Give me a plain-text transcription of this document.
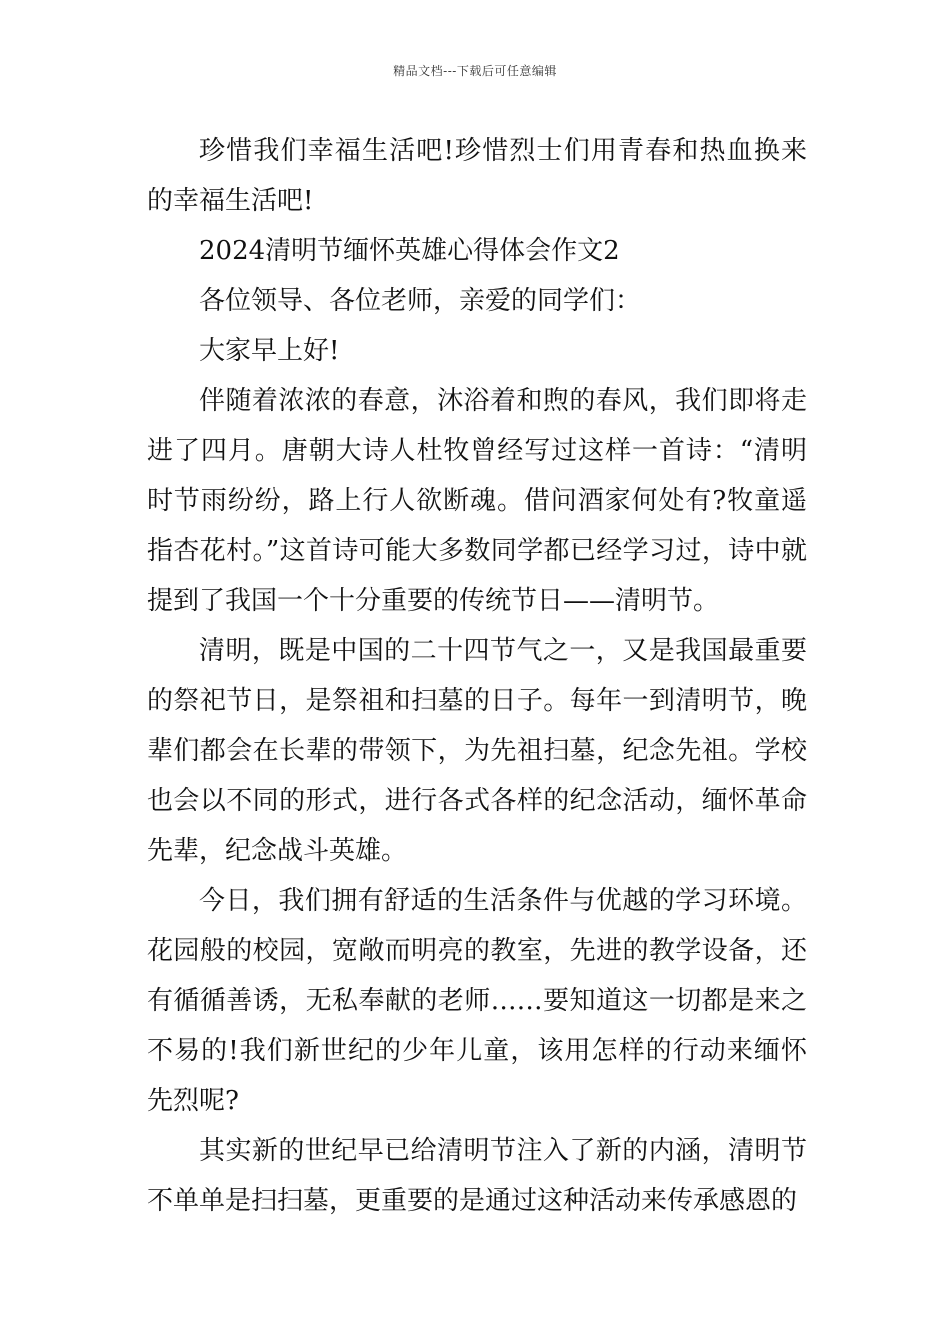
精品文档---下载后可任意编辑

珍惜我们幸福生活吧!珍惜烈士们用青春和热血换来的幸福生活吧!

2024清明节缅怀英雄心得体会作文2

各位领导、各位老师，亲爱的同学们：

大家早上好!

伴随着浓浓的春意，沐浴着和煦的春风，我们即将走进了四月。唐朝大诗人杜牧曾经写过这样一首诗：“清明时节雨纷纷，路上行人欲断魂。借问酒家何处有?牧童遥指杏花村。”这首诗可能大多数同学都已经学习过，诗中就提到了我国一个十分重要的传统节日——清明节。

清明，既是中国的二十四节气之一，又是我国最重要的祭祀节日，是祭祖和扫墓的日子。每年一到清明节，晚辈们都会在长辈的带领下，为先祖扫墓，纪念先祖。学校也会以不同的形式，进行各式各样的纪念活动，缅怀革命先辈，纪念战斗英雄。

今日，我们拥有舒适的生活条件与优越的学习环境。花园般的校园，宽敞而明亮的教室，先进的教学设备，还有循循善诱，无私奉献的老师……要知道这一切都是来之不易的!我们新世纪的少年儿童，该用怎样的行动来缅怀先烈呢?

其实新的世纪早已给清明节注入了新的内涵，清明节不单单是扫扫墓，更重要的是通过这种活动来传承感恩的
